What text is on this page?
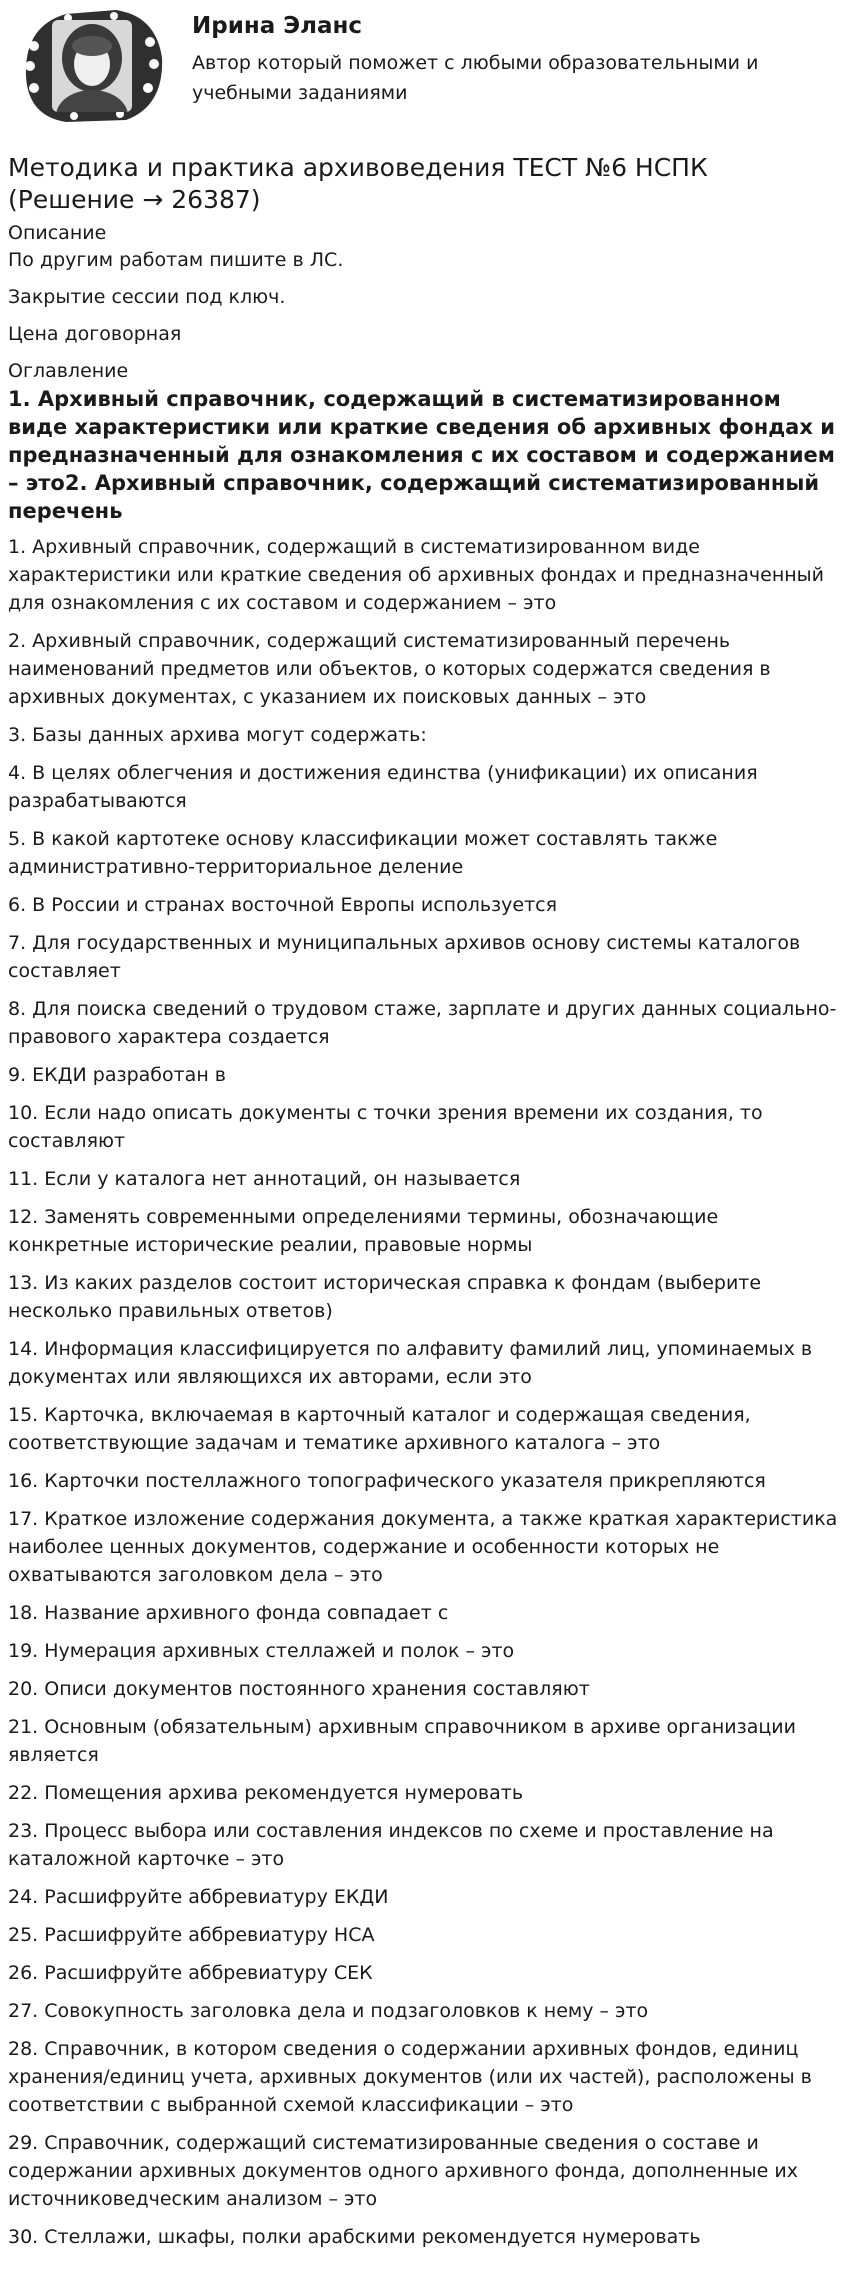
Ирина Эланс

Автор который поможет с любыми образовательными и учебными заданиями

Методика и практика архивоведения ТЕСТ №6 НСПК (Решение → 26387)
Описание

По другим работам пишите в ЛС.

Закрытие сессии под ключ.

Цена договорная

Оглавление
1. Архивный справочник, содержащий в систематизированном виде характеристики или краткие сведения об архивных фондах и предназначенный для ознакомления с их составом и содержанием – это2. Архивный справочник, содержащий систематизированный перечень
1. Архивный справочник, содержащий в систематизированном виде характеристики или краткие сведения об архивных фондах и предназначенный для ознакомления с их составом и содержанием – это
2. Архивный справочник, содержащий систематизированный перечень наименований предметов или объектов, о которых содержатся сведения в архивных документах, с указанием их поисковых данных – это
3. Базы данных архива могут содержать:
4. В целях облегчения и достижения единства (унификации) их описания разрабатываются
5. В какой картотеке основу классификации может составлять также административно-территориальное деление
6. В России и странах восточной Европы используется
7. Для государственных и муниципальных архивов основу системы каталогов составляет
8. Для поиска сведений о трудовом стаже, зарплате и других данных социально-правового характера создается
9. ЕКДИ разработан в
10. Если надо описать документы с точки зрения времени их создания, то составляют
11. Если у каталога нет аннотаций, он называется
12. Заменять современными определениями термины, обозначающие конкретные исторические реалии, правовые нормы
13. Из каких разделов состоит историческая справка к фондам (выберите несколько правильных ответов)
14. Информация классифицируется по алфавиту фамилий лиц, упоминаемых в документах или являющихся их авторами, если это
15. Карточка, включаемая в карточный каталог и содержащая сведения, соответствующие задачам и тематике архивного каталога – это
16. Карточки постеллажного топографического указателя прикрепляются
17. Краткое изложение содержания документа, а также краткая характеристика наиболее ценных документов, содержание и особенности которых не охватываются заголовком дела – это
18. Название архивного фонда совпадает с
19. Нумерация архивных стеллажей и полок – это
20. Описи документов постоянного хранения составляют
21. Основным (обязательным) архивным справочником в архиве организации является
22. Помещения архива рекомендуется нумеровать
23. Процесс выбора или составления индексов по схеме и проставление на каталожной карточке – это
24. Расшифруйте аббревиатуру ЕКДИ
25. Расшифруйте аббревиатуру НСА
26. Расшифруйте аббревиатуру СЕК
27. Совокупность заголовка дела и подзаголовков к нему – это
28. Справочник, в котором сведения о содержании архивных фондов, единиц хранения/единиц учета, архивных документов (или их частей), расположены в соответствии с выбранной схемой классификации – это
29. Справочник, содержащий систематизированные сведения о составе и содержании архивных документов одного архивного фонда, дополненные их источниковедческим анализом – это
30. Стеллажи, шкафы, полки арабскими рекомендуется нумеровать
